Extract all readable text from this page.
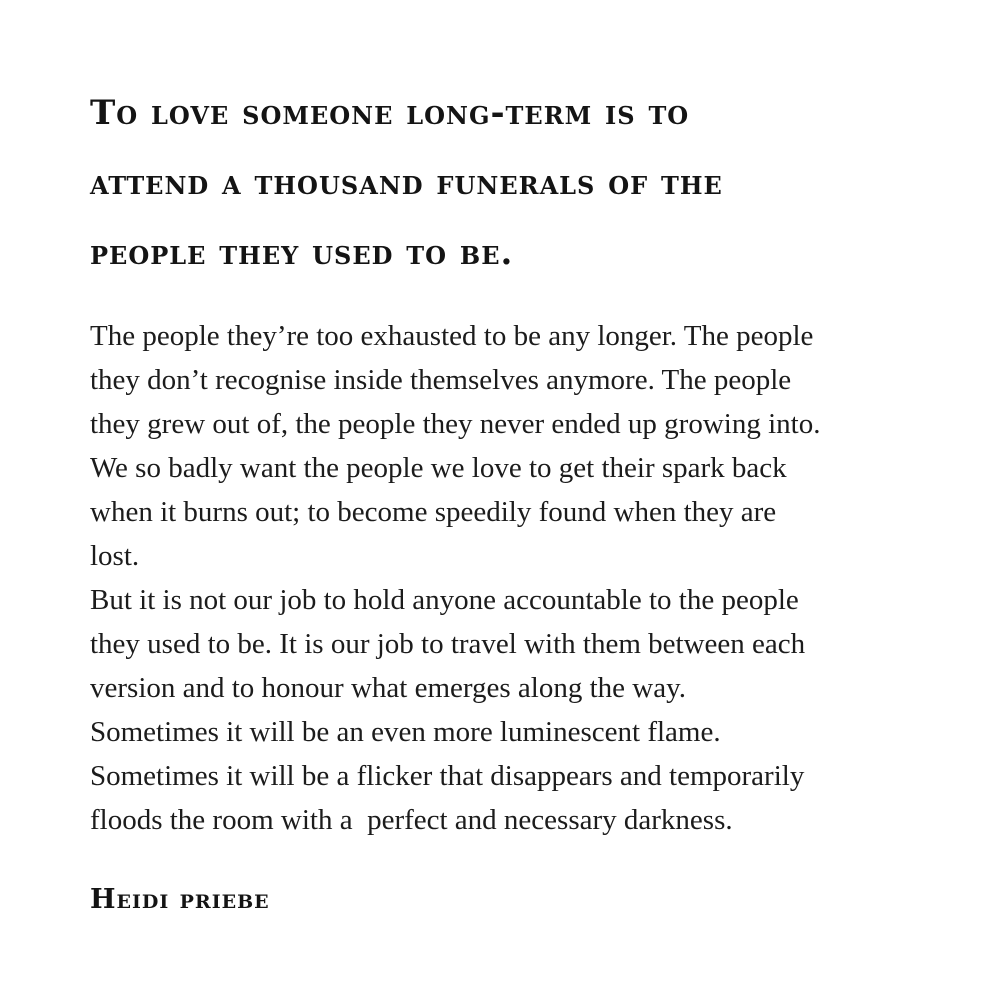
To love someone long-term is to
attend a thousand funerals of the
people they used to be.
The people they’re too exhausted to be any longer. The people
they don’t recognise inside themselves anymore. The people
they grew out of, the people they never ended up growing into.
We so badly want the people we love to get their spark back
when it burns out; to become speedily found when they are
lost.
But it is not our job to hold anyone accountable to the people
they used to be. It is our job to travel with them between each
version and to honour what emerges along the way.
Sometimes it will be an even more luminescent flame.
Sometimes it will be a flicker that disappears and temporarily
floods the room with a  perfect and necessary darkness.
Heidi priebe
